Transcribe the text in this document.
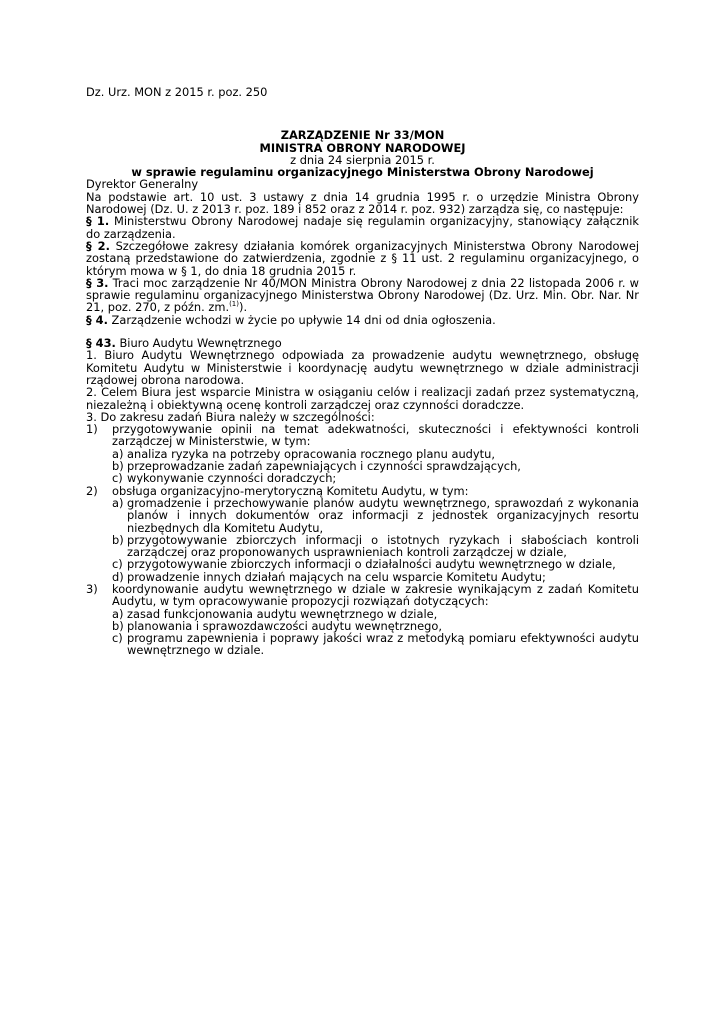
Dz. Urz. MON z 2015 r. poz. 250

ZARZĄDZENIE Nr 33/MON
MINISTRA OBRONY NARODOWEJ
z dnia 24 sierpnia 2015 r.
w sprawie regulaminu organizacyjnego Ministerstwa Obrony Narodowej

Dyrektor Generalny

Na podstawie art. 10 ust. 3 ustawy z dnia 14 grudnia 1995 r. o urzędzie Ministra Obrony Narodowej (Dz. U. z 2013 r. poz. 189 i 852 oraz z 2014 r. poz. 932) zarządza się, co następuje:

§ 1. Ministerstwu Obrony Narodowej nadaje się regulamin organizacyjny, stanowiący załącznik do zarządzenia.

§ 2. Szczegółowe zakresy działania komórek organizacyjnych Ministerstwa Obrony Narodowej zostaną przedstawione do zatwierdzenia, zgodnie z § 11 ust. 2 regulaminu organizacyjnego, o którym mowa w § 1, do dnia 18 grudnia 2015 r.

§ 3. Traci moc zarządzenie Nr 40/MON Ministra Obrony Narodowej z dnia 22 listopada 2006 r. w sprawie regulaminu organizacyjnego Ministerstwa Obrony Narodowej (Dz. Urz. Min. Obr. Nar. Nr 21, poz. 270, z późn. zm.$^{(1)}$).

§ 4. Zarządzenie wchodzi w życie po upływie 14 dni od dnia ogłoszenia.

§ 43. Biuro Audytu Wewnętrznego

1. Biuro Audytu Wewnętrznego odpowiada za prowadzenie audytu wewnętrznego, obsługę Komitetu Audytu w Ministerstwie i koordynację audytu wewnętrznego w dziale administracji rządowej obrona narodowa.

2. Celem Biura jest wsparcie Ministra w osiąganiu celów i realizacji zadań przez systematyczną, niezależną i obiektywną ocenę kontroli zarządczej oraz czynności doradczze.

3. Do zakresu zadań Biura należy w szczególności:

1)	przygotowywanie opinii na temat adekwatności, skuteczności i efektywności kontroli zarządczej w Ministerstwie, w tym:
a) analiza ryzyka na potrzeby opracowania rocznego planu audytu,
b) przeprowadzanie zadań zapewniających i czynności sprawdzających,
c) wykonywanie czynności doradczych;
2)	obsługa organizacyjno-merytoryczną Komitetu Audytu, w tym:
a) gromadzenie i przechowywanie planów audytu wewnętrznego, sprawozdań z wykonania planów i innych dokumentów oraz informacji z jednostek organizacyjnych resortu niezbędnych dla Komitetu Audytu,
b) przygotowywanie zbiorczych informacji o istotnych ryzykach i słabościach kontroli zarządczej oraz proponowanych usprawnieniach kontroli zarządczej w dziale,
c) przygotowywanie zbiorczych informacji o działalności audytu wewnętrznego w dziale,
d) prowadzenie innych działań mających na celu wsparcie Komitetu Audytu;
3)	koordynowanie audytu wewnętrznego w dziale w zakresie wynikającym z zadań Komitetu Audytu, w tym opracowywanie propozycji rozwiązań dotyczących:
a) zasad funkcjonowania audytu wewnętrznego w dziale,
b) planowania i sprawozdawczości audytu wewnętrznego,
c) programu zapewnienia i poprawy jakości wraz z metodyką pomiaru efektywności audytu wewnętrznego w dziale.
